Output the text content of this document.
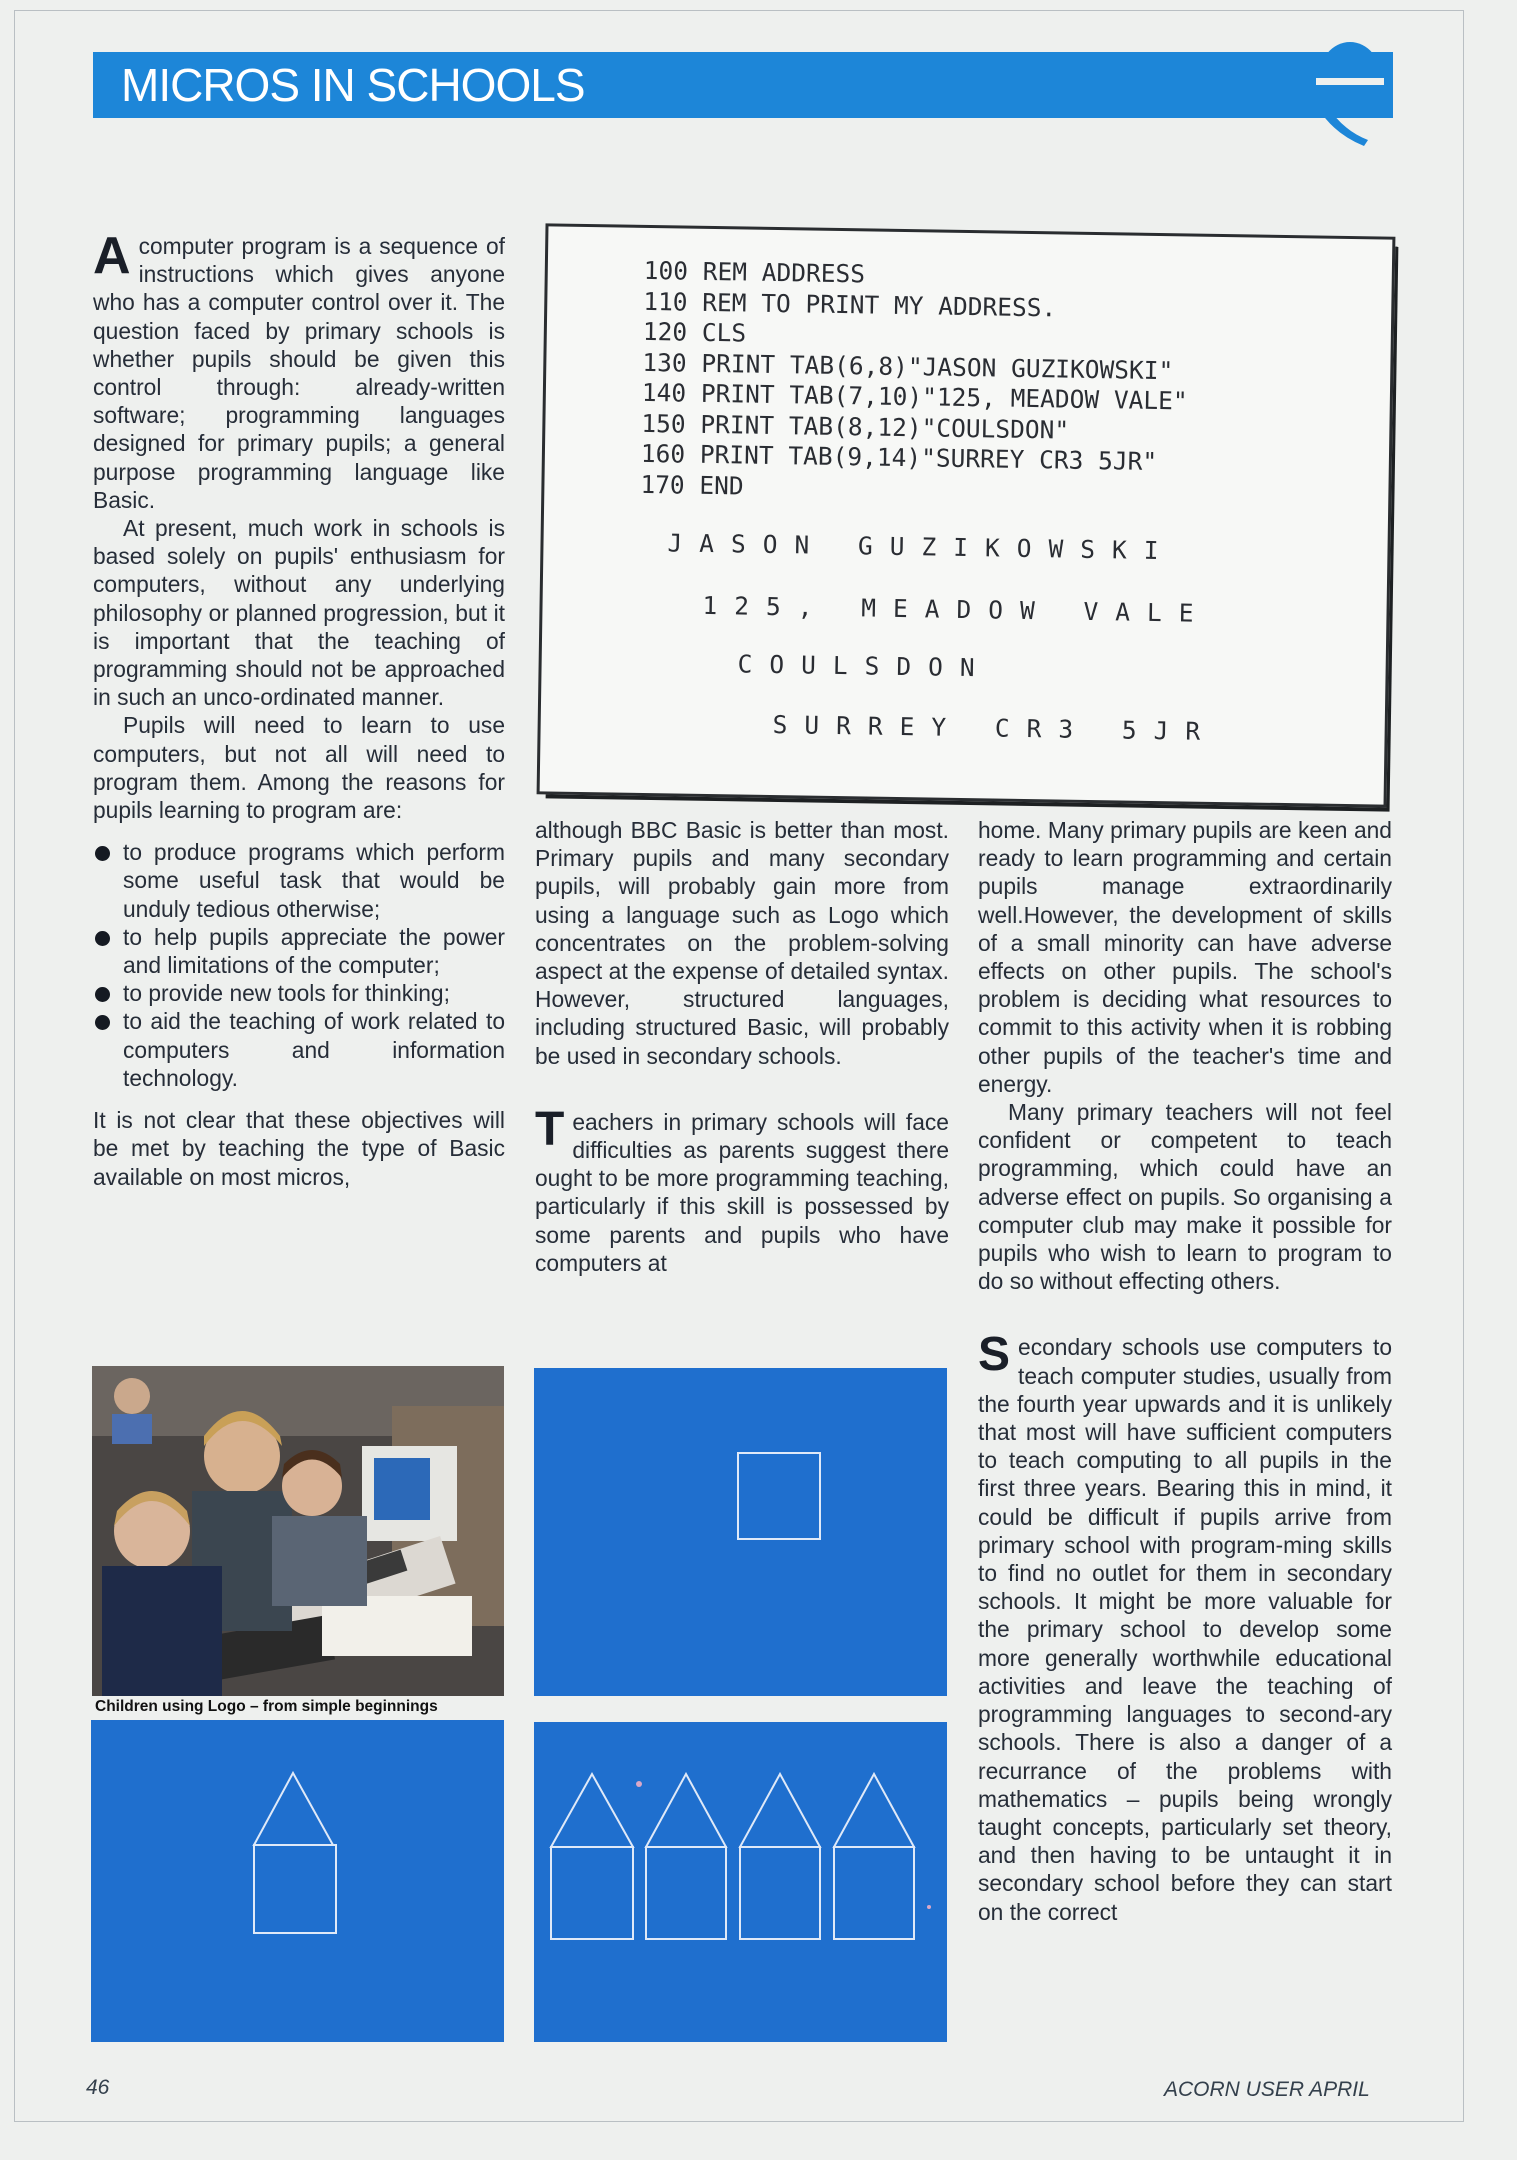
MICROS IN SCHOOLS

Acomputer program is a sequence of instructions which gives anyone who has a computer control over it. The question faced by primary schools is whether pupils should be given this control through: already-written software; programming languages designed for primary pupils; a general purpose programming language like Basic.

At present, much work in schools is based solely on pupils' enthusiasm for computers, without any underlying philosophy or planned progression, but it is important that the teaching of programming should not be approached in such an unco-ordinated manner.

Pupils will need to learn to use computers, but not all will need to program them. Among the reasons for pupils learning to program are:

to produce programs which perform some useful task that would be unduly tedious otherwise;
to help pupils appreciate the power and limitations of the computer;
to provide new tools for thinking;
to aid the teaching of work related to computers and information technology.

It is not clear that these objectives will be met by teaching the type of Basic available on most micros,

100 REM ADDRESS
110 REM TO PRINT MY ADDRESS.
120 CLS
130 PRINT TAB(6,8)"JASON GUZIKOWSKI"
140 PRINT TAB(7,10)"125, MEADOW VALE"
150 PRINT TAB(8,12)"COULSDON"
160 PRINT TAB(9,14)"SURREY CR3 5JR"
170 END
JASON GUZIKOWSKI
125, MEADOW VALE
COULSDON
SURREY CR3 5JR

although BBC Basic is better than most. Primary pupils and many secondary pupils, will probably gain more from using a language such as Logo which concentrates on the problem-solving aspect at the expense of detailed syntax. However, structured languages, including structured Basic, will probably be used in secondary schools.

Teachers in primary schools will face difficulties as parents suggest there ought to be more programming teaching, particularly if this skill is possessed by some parents and pupils who have computers at

home. Many primary pupils are keen and ready to learn programming and certain pupils manage extraordinarily well.However, the development of skills of a small minority can have adverse effects on other pupils. The school's problem is deciding what resources to commit to this activity when it is robbing other pupils of the teacher's time and energy.

Many primary teachers will not feel confident or competent to teach programming, which could have an adverse effect on pupils. So organising a computer club may make it possible for pupils who wish to learn to program to do so without effecting others.

Secondary schools use computers to teach computer studies, usually from the fourth year upwards and it is unlikely that most will have sufficient computers to teach computing to all pupils in the first three years. Bearing this in mind, it could be difficult if pupils arrive from primary school with program-ming skills to find no outlet for them in secondary schools. It might be more valuable for the primary school to develop some more generally worthwhile educational activities and leave the teaching of programming languages to second-ary schools. There is also a danger of a recurrance of the problems with mathematics – pupils being wrongly taught concepts, particularly set theory, and then having to be untaught it in secondary school before they can start on the correct

Children using Logo – from simple beginnings
46	ACORN USER APRIL
